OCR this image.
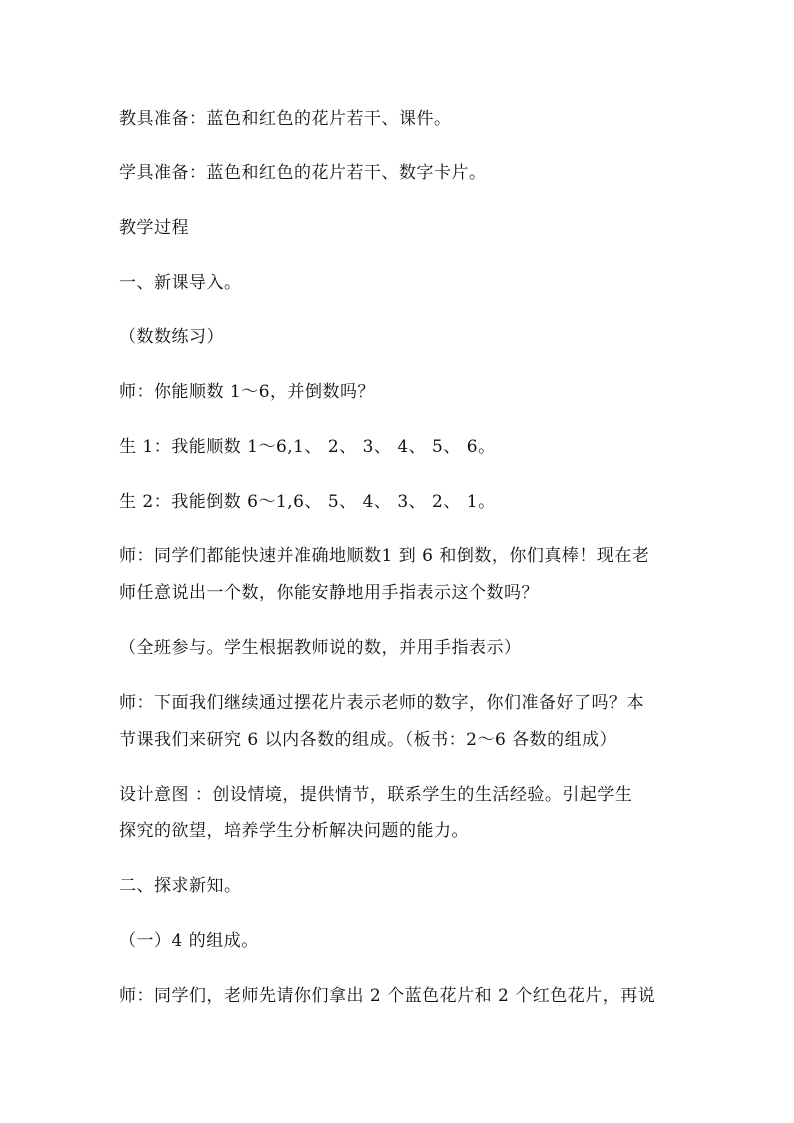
教具准备：蓝色和红色的花片若干、课件。
学具准备：蓝色和红色的花片若干、数字卡片。
教学过程
一、新课导入。
（数数练习）
师：你能顺数 1～6，并倒数吗？
生 1：我能顺数 1～6,1、 2、 3、 4、 5、 6。
生 2：我能倒数 6～1,6、 5、 4、 3、 2、 1。
师：同学们都能快速并准确地顺数1 到 6 和倒数，你们真棒！现在老
师任意说出一个数，你能安静地用手指表示这个数吗？
（全班参与。学生根据教师说的数，并用手指表示）
师：下面我们继续通过摆花片表示老师的数字，你们准备好了吗？本
节课我们来研究 6 以内各数的组成。（板书：2～6 各数的组成）
设计意图 ：创设情境，提供情节，联系学生的生活经验。引起学生
探究的欲望，培养学生分析解决问题的能力。
二、探求新知。
（一）4 的组成。
师：同学们，老师先请你们拿出 2 个蓝色花片和 2 个红色花片，再说
